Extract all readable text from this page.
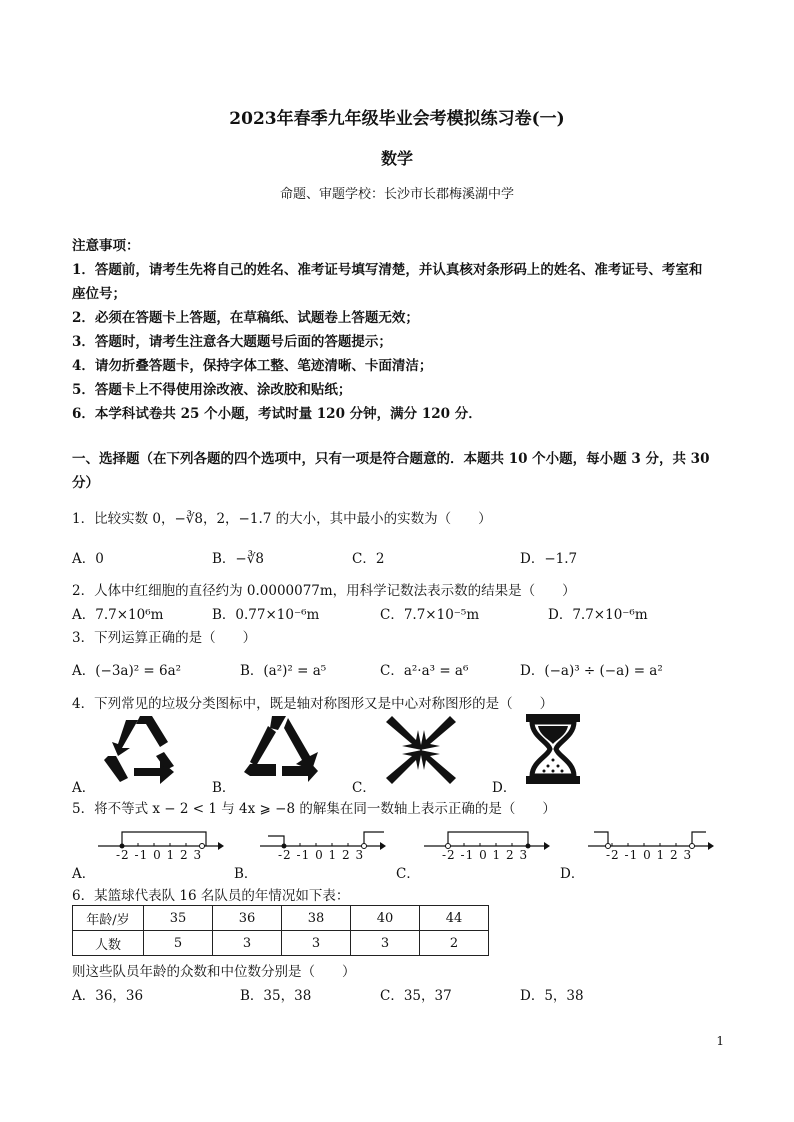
2023年春季九年级毕业会考模拟练习卷(一)
数学
命题、审题学校：长沙市长郡梅溪湖中学
注意事项：
1．答题前，请考生先将自己的姓名、准考证号填写清楚，并认真核对条形码上的姓名、准考证号、考室和
座位号；
2．必须在答题卡上答题，在草稿纸、试题卷上答题无效；
3．答题时，请考生注意各大题题号后面的答题提示；
4．请勿折叠答题卡，保持字体工整、笔迹清晰、卡面清洁；
5．答题卡上不得使用涂改液、涂改胶和贴纸；
6．本学科试卷共 25 个小题，考试时量 120 分钟，满分 120 分．
一、选择题（在下列各题的四个选项中，只有一项是符合题意的．本题共 10 个小题，每小题 3 分，共 30
分）
1．比较实数 0，−∛8，2，−1.7 的大小，其中最小的实数为（　　）
A．0	B．−∛8	C．2	D．−1.7
2．人体中红细胞的直径约为 0.0000077m，用科学记数法表示数的结果是（　　）
A．7.7×10⁶m	B．0.77×10⁻⁶m	C．7.7×10⁻⁵m	D．7.7×10⁻⁶m
3．下列运算正确的是（　　）
A．(−3a)² = 6a²	B．(a²)² = a⁵	C．a²·a³ = a⁶	D．(−a)³ ÷ (−a) = a²
4．下列常见的垃圾分类图标中，既是轴对称图形又是中心对称图形的是（　　）
A．	B．	C．	D．
5．将不等式 x − 2 < 1 与 4x ⩾ −8 的解集在同一数轴上表示正确的是（　　）
-2 -1 0 1 2 3
A．
-2 -1 0 1 2 3
B．
-2 -1 0 1 2 3
C．
-2 -1 0 1 2 3
D．
6．某篮球代表队 16 名队员的年情况如下表：
年龄/岁	35	36	38	40	44
人数	5	3	3	3	2
则这些队员年龄的众数和中位数分别是（　　）
A．36，36	B．35，38	C．35，37	D．5，38
1
